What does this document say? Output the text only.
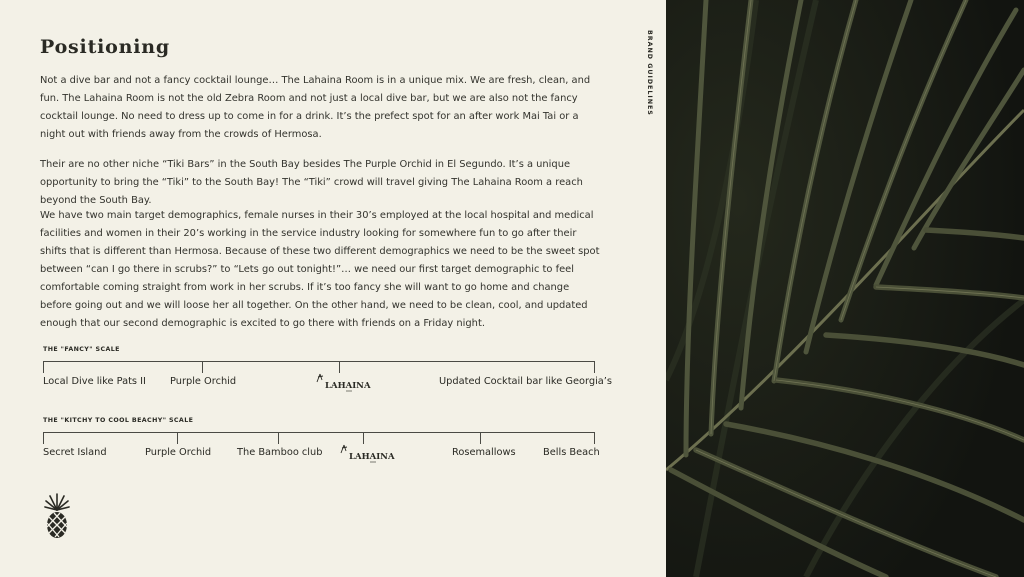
Positioning

Not a dive bar and not a fancy cocktail lounge… The Lahaina Room is in a unique mix. We are fresh, clean, and fun. The Lahaina Room is not the old Zebra Room and not just a local dive bar, but we are also not the fancy cocktail lounge. No need to dress up to come in for a drink. It’s the prefect spot for an after work Mai Tai or a night out with friends away from the crowds of Hermosa.

Their are no other niche “Tiki Bars” in the South Bay besides The Purple Orchid in El Segundo. It’s a unique opportunity to bring the “Tiki” to the South Bay! The “Tiki” crowd will travel giving The Lahaina Room a reach beyond the South Bay.

We have two main target demographics, female nurses in their 30’s employed at the local hospital and medical facilities and women in their 20’s working in the service industry looking for somewhere fun to go after their shifts that is different than Hermosa. Because of these two different demographics we need to be the sweet spot between “can I go there in scrubs?” to “Lets go out tonight!”… we need our first target demographic to feel comfortable coming straight from work in her scrubs. If it’s too fancy she will want to go home and change before going out and we will loose her all together. On the other hand, we need to be clean, cool, and updated enough that our second demographic is excited to go there with friends on a Friday night.

THE "FANCY" SCALE
Local Dive like Pats II Purple Orchid	LAHAINA	Updated Cocktail bar like Georgia’s
THE "KITCHY TO COOL BEACHY" SCALE
Secret Island	Purple Orchid	The Bamboo club	LAHAINA	Rosemallows	Bells Beach
BRAND GUIDELINES
